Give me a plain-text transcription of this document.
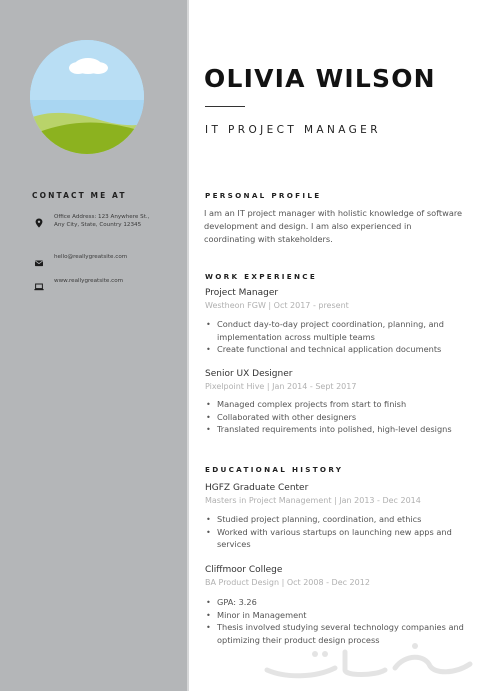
CONTACT ME AT
Office Address: 123 Anywhere St., Any City, State, Country 12345
hello@reallygreatsite.com
www.reallygreatsite.com
OLIVIA WILSON
IT PROJECT MANAGER
PERSONAL PROFILE
I am an IT project manager with holistic knowledge of software development and design. I am also experienced in coordinating with stakeholders.
WORK EXPERIENCE
Project Manager
Westheon FGW | Oct 2017 - present
• Conduct day-to-day project coordination, planning, and implementation across multiple teams
• Create functional and technical application documents
Senior UX Designer
Pixelpoint Hive | Jan 2014 - Sept 2017
• Managed complex projects from start to finish
• Collaborated with other designers
• Translated requirements into polished, high-level designs
EDUCATIONAL HISTORY
HGFZ Graduate Center
Masters in Project Management | Jan 2013 - Dec 2014
• Studied project planning, coordination, and ethics
• Worked with various startups on launching new apps and services
Cliffmoor College
BA Product Design | Oct 2008 - Dec 2012
• GPA: 3.26
• Minor in Management
• Thesis involved studying several technology companies and optimizing their product design process
